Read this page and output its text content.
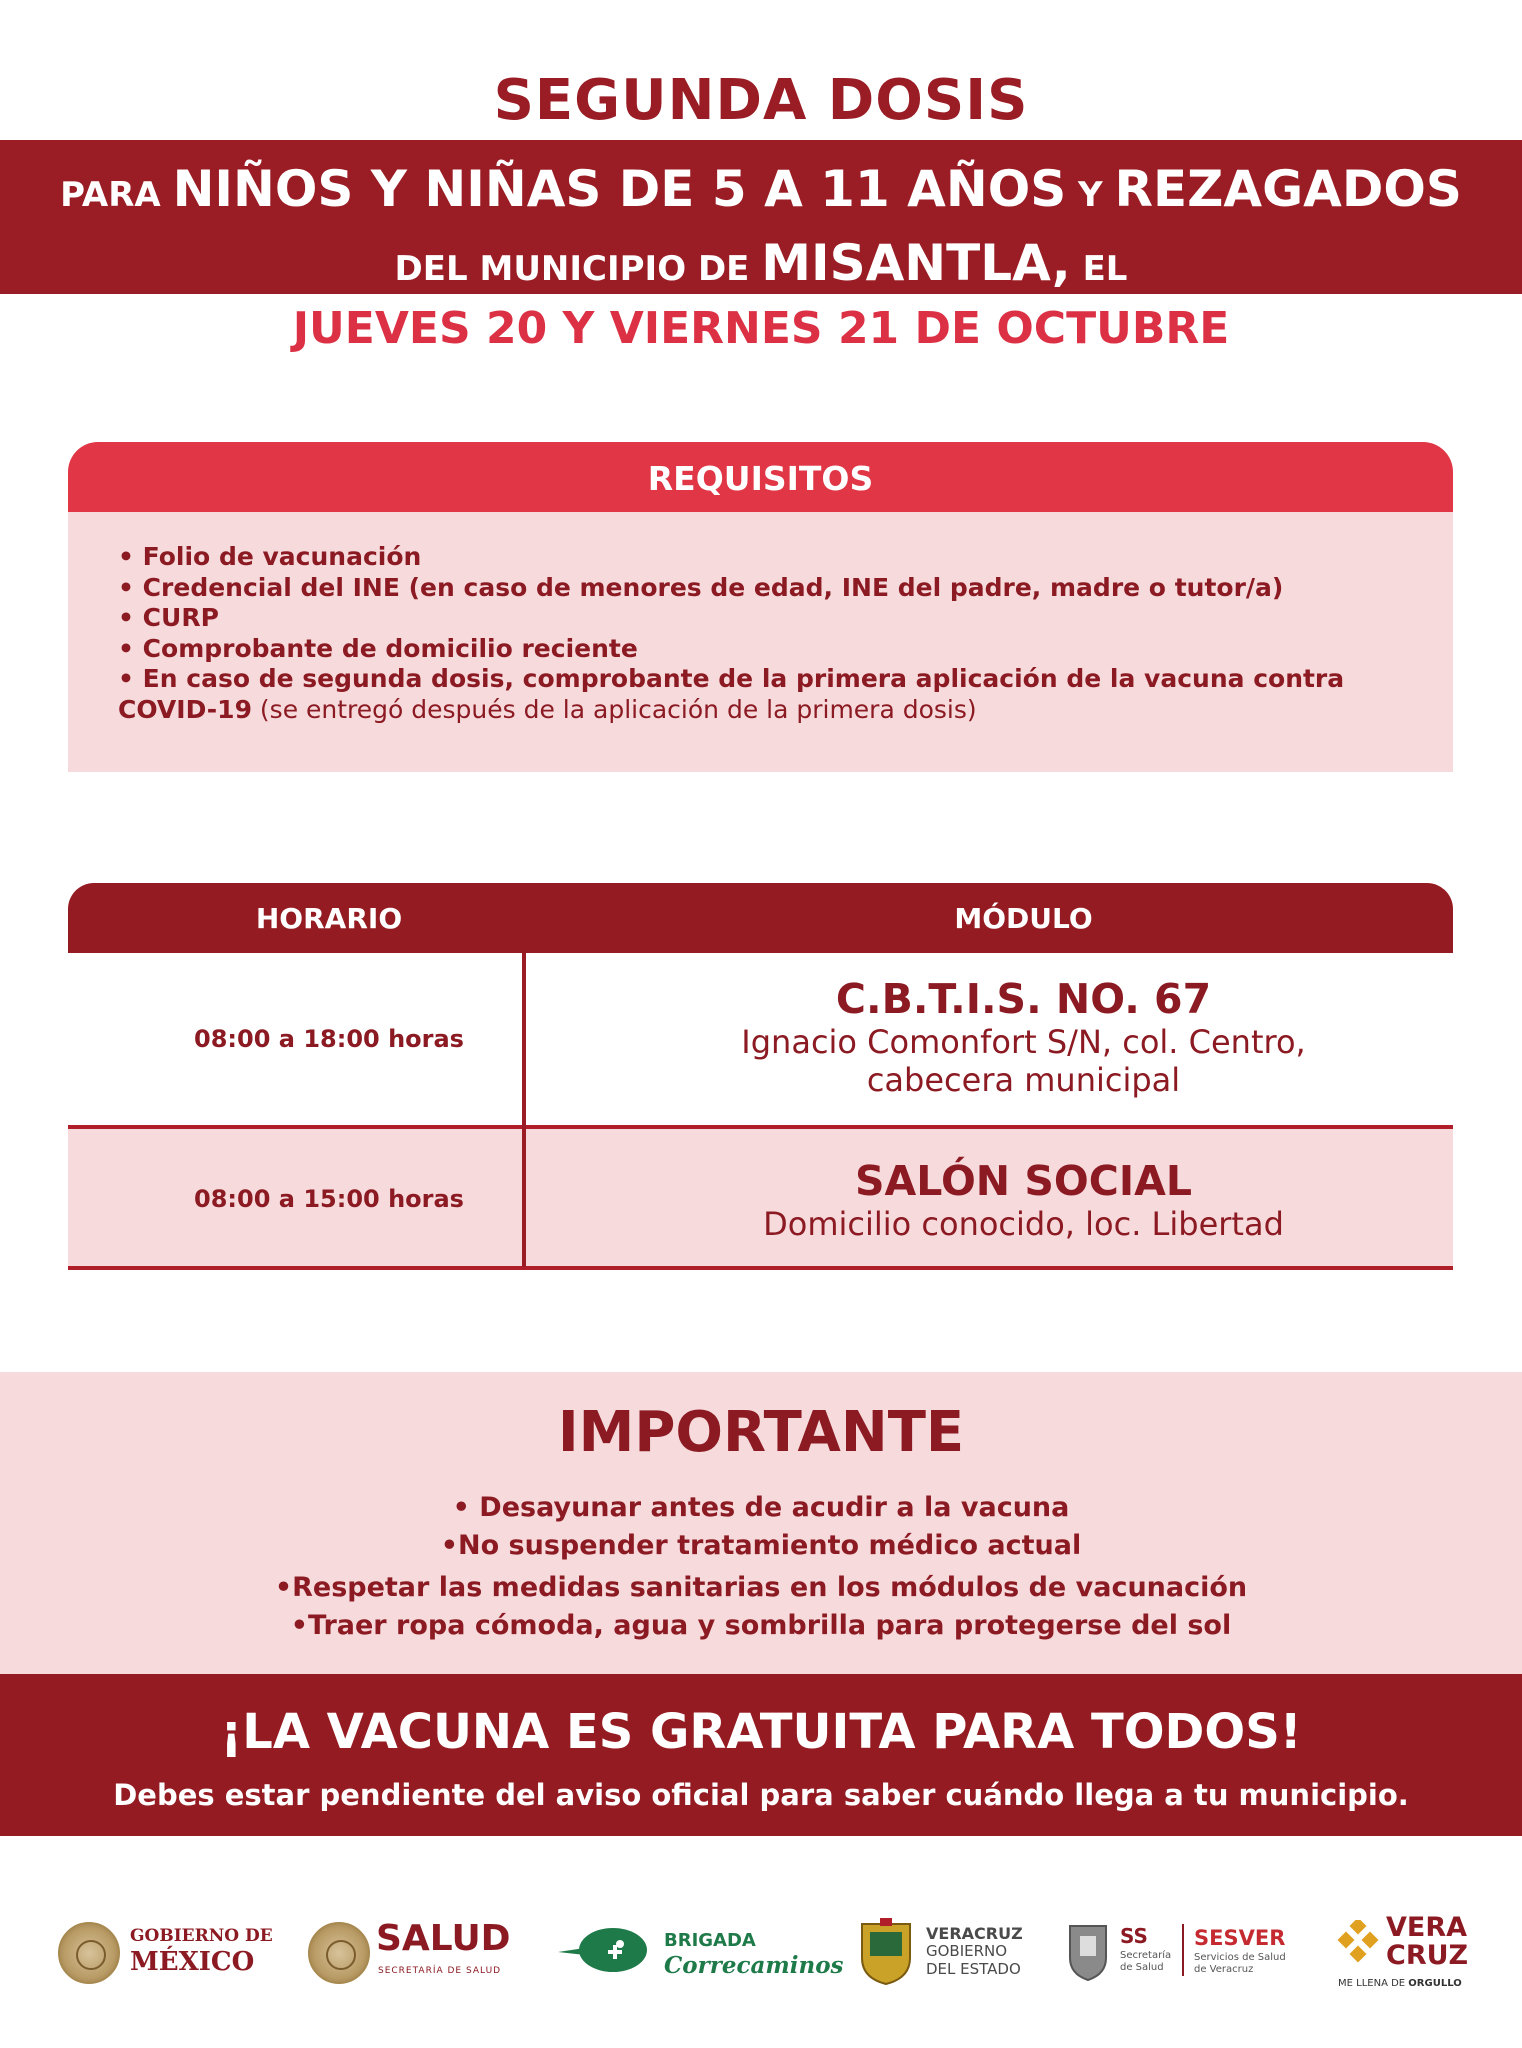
SEGUNDA DOSIS
PARA NIÑOS Y NIÑAS DE 5 A 11 AÑOS Y REZAGADOS
DEL MUNICIPIO DE MISANTLA, EL
JUEVES 20 Y VIERNES 21 DE OCTUBRE
REQUISITOS
• Folio de vacunación
• Credencial del INE (en caso de menores de edad, INE del padre, madre o tutor/a)
• CURP
• Comprobante de domicilio reciente
• En caso de segunda dosis, comprobante de la primera aplicación de la vacuna contra
COVID-19 (se entregó después de la aplicación de la primera dosis)
HORARIO	MÓDULO
08:00 a 18:00 horas
C.B.T.I.S. NO. 67
Ignacio Comonfort S/N, col. Centro,
cabecera municipal
08:00 a 15:00 horas	SALÓN SOCIAL
Domicilio conocido, loc. Libertad
IMPORTANTE
• Desayunar antes de acudir a la vacuna
•No suspender tratamiento médico actual
•Respetar las medidas sanitarias en los módulos de vacunación
•Traer ropa cómoda, agua y sombrilla para protegerse del sol
¡LA VACUNA ES GRATUITA PARA TODOS!
Debes estar pendiente del aviso oficial para saber cuándo llega a tu municipio.
GOBIERNO DE
MÉXICO
SALUD
SECRETARÍA DE SALUD
BRIGADA
Correcaminos
VERACRUZ
GOBIERNO
DEL ESTADO
SS
Secretaría
de Salud
SESVER
Servicios de Salud
de Veracruz
VERA
CRUZ
ME LLENA DE ORGULLO
